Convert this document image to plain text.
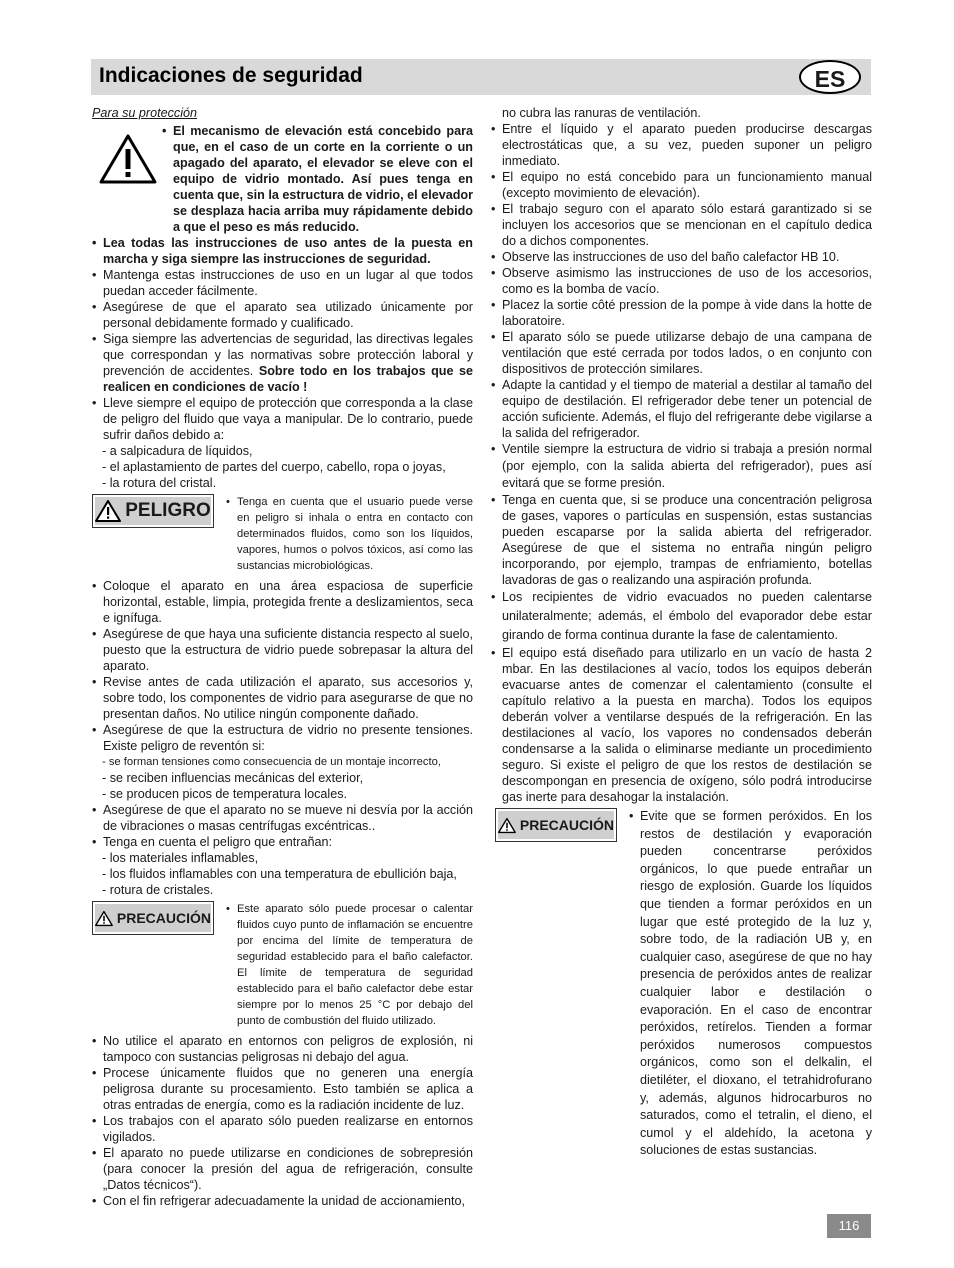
Indicaciones de seguridad	ES
Para su protección
• El mecanismo de elevación está concebido para que, en el caso de un corte en la corriente o un apagado del aparato, el elevador se eleve con el equipo de vidrio montado. Así pues tenga en cuenta que, sin la estructura de vidrio, el elevador se desplaza hacia arriba muy rápidamente debido a que el peso es más reducido.
• Lea todas las instrucciones de uso antes de la puesta en marcha y siga siempre las instrucciones de seguridad.
• Mantenga estas instrucciones de uso en un lugar al que todos puedan acceder fácilmente.
• Asegúrese de que el aparato sea utilizado únicamente por personal debidamente formado y cualificado.
• Siga siempre las advertencias de seguridad, las directivas legales que correspondan y las normativas sobre protección laboral y prevención de accidentes. Sobre todo en los trabajos que se realicen en condiciones de vacío !
• Lleve siempre el equipo de protección que corresponda a la clase de peligro del fluido que vaya a manipular. De lo contrario, puede sufrir daños debido a:
- a salpicadura de líquidos,
- el aplastamiento de partes del cuerpo, cabello, ropa o joyas,
- la rotura del cristal.
PELIGRO
•	Tenga en cuenta que el usuario puede verse en peligro si inhala o entra en contacto con determinados fluidos, como son los líquidos, vapores, humos o polvos tóxicos, así como las sustancias microbiológicas.
• Coloque el aparato en una área espaciosa de superficie horizontal, estable, limpia, protegida frente a deslizamientos, seca e ignífuga.
• Asegúrese de que haya una suficiente distancia respecto al suelo, puesto que la estructura de vidrio puede sobrepasar la altura del aparato.
• Revise antes de cada utilización el aparato, sus accesorios y, sobre todo, los componentes de vidrio para asegurarse de que no presentan daños. No utilice ningún componente dañado.
• Asegúrese de que la estructura de vidrio no presente tensiones. Existe peligro de reventón si:
- se forman tensiones como consecuencia de un montaje incorrecto,
- se reciben influencias mecánicas del exterior,
- se producen picos de temperatura locales.
• Asegúrese de que el aparato no se mueve ni desvía por la acción de vibraciones o masas centrífugas excéntricas..
• Tenga en cuenta el peligro que entrañan:
- los materiales inflamables,
- los fluidos inflamables con una temperatura de ebullición baja,
- rotura de cristales.
PRECAUCIÓN
• Este aparato sólo puede procesar o calentar fluidos cuyo punto de inflamación se encuentre por encima del límite de temperatura de seguridad establecido para el baño calefactor. El límite de temperatura de seguridad establecido para el baño calefactor debe estar siempre por lo menos 25 °C por debajo del punto de combustión del fluido utilizado.
• No utilice el aparato en entornos con peligros de explosión, ni tampoco con sustancias peligrosas ni debajo del agua.
• Procese únicamente fluidos que no generen una energía peligrosa durante su procesamiento. Esto también se aplica a otras entradas de energía, como es la radiación incidente de luz.
• Los trabajos con el aparato sólo pueden realizarse en entornos vigilados.
• El aparato no puede utilizarse en condiciones de sobrepresión (para conocer la presión del agua de refrigeración, consulte „Datos técnicos“).
• Con el fin refrigerar adecuadamente la unidad de accionamiento,
no cubra las ranuras de ventilación.
• Entre el líquido y el aparato pueden producirse descargas electrostáticas que, a su vez, pueden suponer un peligro inmediato.
• El equipo no está concebido para un funcionamiento manual (excepto movimiento de elevación).
• El trabajo seguro con el aparato sólo estará garantizado si se incluyen los accesorios que se mencionan en el capítulo dedica do a dichos componentes.
• Observe las instrucciones de uso del baño calefactor HB 10.
• Observe asimismo las instrucciones de uso de los accesorios, como es la bomba de vacío.
• Placez la sortie côté pression de la pompe à vide dans la hotte de laboratoire.
• El aparato sólo se puede utilizarse debajo de una campana de ventilación que esté cerrada por todos lados, o en conjunto con dispositivos de protección similares.
• Adapte la cantidad y el tiempo de material a destilar al tamaño del equipo de destilación. El refrigerador debe tener un potencial de acción suficiente. Además, el flujo del refrigerante debe vigilarse a la salida del refrigerador.
• Ventile siempre la estructura de vidrio si trabaja a presión normal (por ejemplo, con la salida abierta del refrigerador), pues así evitará que se forme presión.
• Tenga en cuenta que, si se produce una concentración peligrosa de gases, vapores o partículas en suspensión, estas sustancias pueden escaparse por la salida abierta del refrigerador. Asegúrese de que el sistema no entraña ningún peligro incorporando, por ejemplo, trampas de enfriamiento, botellas lavadoras de gas o realizando una aspiración profunda.
• Los recipientes de vidrio evacuados no pueden calentarse unilateralmente; además, el émbolo del evaporador debe estar girando de forma continua durante la fase de calentamiento.
• El equipo está diseñado para utilizarlo en un vacío de hasta 2 mbar. En las destilaciones al vacío, todos los equipos deberán evacuarse antes de comenzar el calentamiento (consulte el capítulo relativo a la puesta en marcha). Todos los equipos deberán volver a ventilarse después de la refrigeración. En las destilaciones al vacío, los vapores no condensados deberán condensarse a la salida o eliminarse mediante un procedimiento seguro. Si existe el peligro de que los restos de destilación se descompongan en presencia de oxígeno, sólo podrá introducirse gas inerte para desahogar la instalación.
PRECAUCIÓN
• Evite que se formen peróxidos. En los restos de destilación y evaporación pueden concentrarse peróxidos orgánicos, lo que puede entrañar un riesgo de explosión. Guarde los líquidos que tienden a formar peróxidos en un lugar que esté protegido de la luz y, sobre todo, de la radiación UB y, en cualquier caso, asegúrese de que no hay presencia de peróxidos antes de realizar cualquier labor e destilación o evaporación. En el caso de encontrar peróxidos, retírelos. Tienden a formar peróxidos numerosos compuestos orgánicos, como son el delkalin, el dietiléter, el dioxano, el tetrahidrofurano y, además, algunos hidrocarburos no saturados, como el tetralin, el dieno, el cumol y el aldehído, la acetona y soluciones de estas sustancias.
116
